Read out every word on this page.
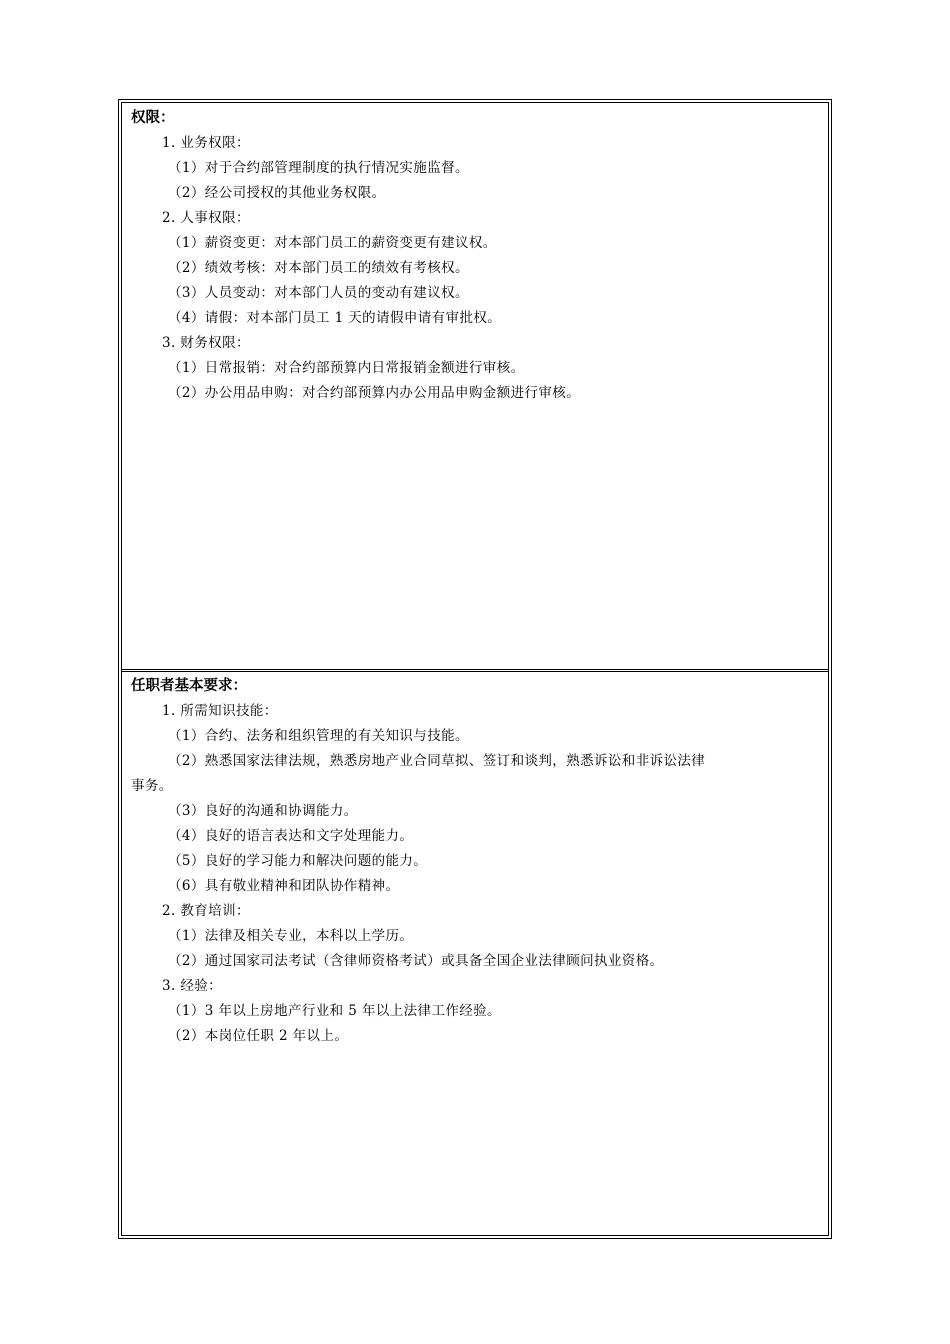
权限：
1. 业务权限：
（1）对于合约部管理制度的执行情况实施监督。
（2）经公司授权的其他业务权限。
2. 人事权限：
（1）薪资变更：对本部门员工的薪资变更有建议权。
（2）绩效考核：对本部门员工的绩效有考核权。
（3）人员变动：对本部门人员的变动有建议权。
（4）请假：对本部门员工 1 天的请假申请有审批权。
3. 财务权限：
（1）日常报销：对合约部预算内日常报销金额进行审核。
（2）办公用品申购：对合约部预算内办公用品申购金额进行审核。
任职者基本要求：
1. 所需知识技能：
（1）合约、法务和组织管理的有关知识与技能。
（2）熟悉国家法律法规，熟悉房地产业合同草拟、签订和谈判，熟悉诉讼和非诉讼法律
事务。
（3）良好的沟通和协调能力。
（4）良好的语言表达和文字处理能力。
（5）良好的学习能力和解决问题的能力。
（6）具有敬业精神和团队协作精神。
2. 教育培训：
（1）法律及相关专业，本科以上学历。
（2）通过国家司法考试（含律师资格考试）或具备全国企业法律顾问执业资格。
3. 经验：
（1）3 年以上房地产行业和 5 年以上法律工作经验。
（2）本岗位任职 2 年以上。
